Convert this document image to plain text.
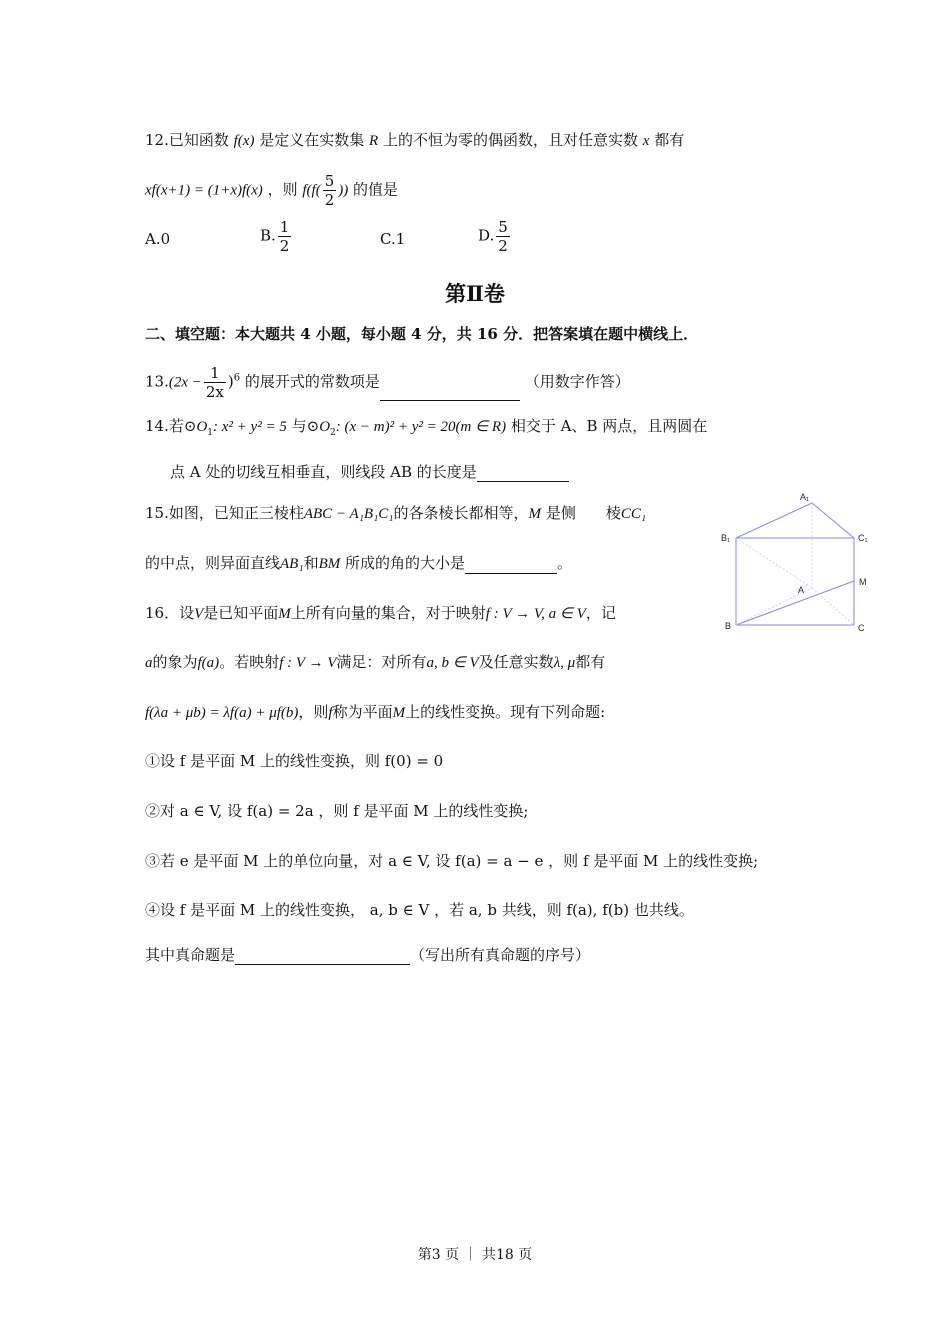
12.已知函数 f(x) 是定义在实数集 R 上的不恒为零的偶函数，且对任意实数 x 都有
xf(x+1) = (1+x)f(x) ，则 $f(f( \frac{5}{2}$ )) 的值是
A.0	B. $\frac{1}{2}$	C.1	D. $\frac{5}{2}$
第Ⅱ卷
二、填空题：本大题共 4 小题，每小题 4 分，共 16 分．把答案填在题中横线上．
$13.(2x - \frac{1}{2x} )^6$ 的展开式的常数项是	（用数字作答）
14.若$⊙O_1$: x² + y² = 5 与$⊙O_2$: (x − m)² + y² = 20(m ∈ R) 相交于 A、B 两点，且两圆在
点 A 处的切线互相垂直，则线段 AB 的长度是
15.如图，已知正三棱柱ABC − A₁B₁C₁的各条棱长都相等，M 是侧　　棱CC₁
的中点，则异面直线AB₁和BM 所成的角的大小是	。
A₁
B₁	C₁
A
M
B	C
16．设V是已知平面M上所有向量的集合，对于映射f : V → V, a ∈ V，记
a的象为f(a)。若映射f : V → V满足：对所有a, b ∈ V及任意实数λ, μ都有
f(λa + μb) = λf(a) + μf(b)，则f称为平面M上的线性变换。现有下列命题:
①设 f 是平面 M 上的线性变换，则 f(0) = 0
②对 a ∈ V, 设 f(a) = 2a ，则 f 是平面 M 上的线性变换;
③若 e 是平面 M 上的单位向量，对 a ∈ V, 设 f(a) = a − e ，则 f 是平面 M 上的线性变换;
④设 f 是平面 M 上的线性变换， a, b ∈ V ，若 a, b 共线，则 f(a), f(b) 也共线。
其中真命题是	（写出所有真命题的序号）
第3 页 ｜ 共18 页
